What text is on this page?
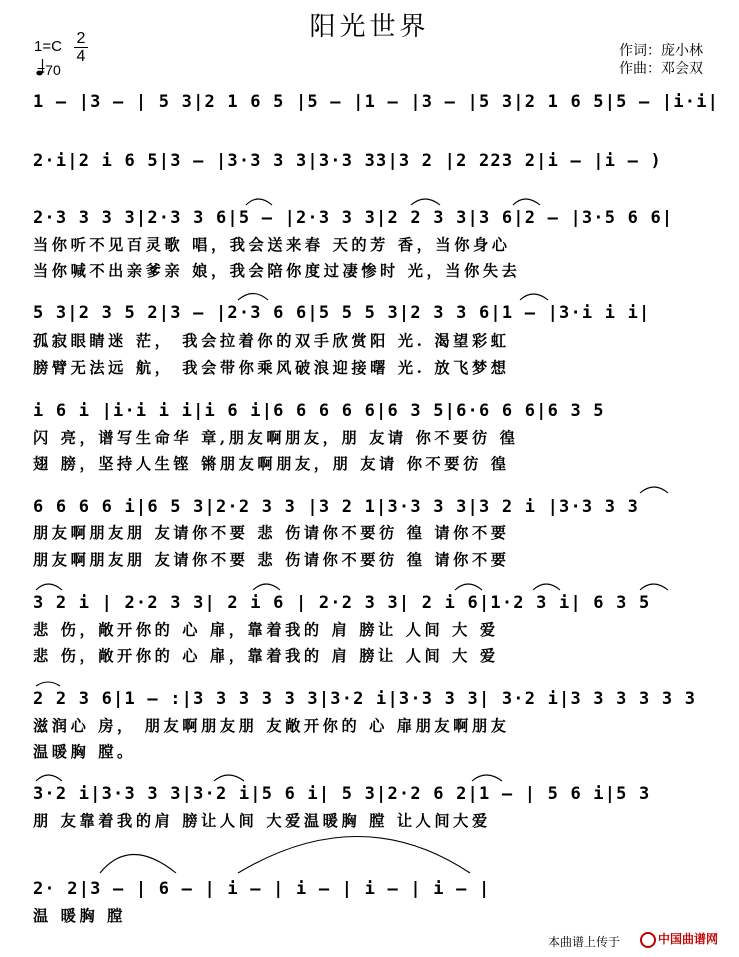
阳光世界
1=C 2
4
=70
作词：庞小林
作曲：邓会双
1 – |3 – | 5 3|2 1 6 5 |5 – |1 – |3 – |5 3|2 1 6 5|5 – |i·i|
2·i|2 i 6 5|3 – |3·3 3 3|3·3 33|3 2 |2 223 2|i – |i – )
2·3 3 3 3|2·3 3 6|5 – |2·3 3 3|2 2 3 3|3 6|2 – |3·5 6 6|
当你听不见百灵歌 唱，我会送来春 天的芳 香，当你身心
当你喊不出亲爹亲 娘，我会陪你度过凄惨时 光，当你失去
5 3|2 3 5 2|3 – |2·3 6 6|5 5 5 3|2 3 3 6|1 – |3·i i i|
孤寂眼睛迷 茫， 我会拉着你的双手欣赏阳 光. 渴望彩虹
膀臂无法远 航， 我会带你乘风破浪迎接曙 光. 放飞梦想
i 6 i |i·i i i|i 6 i|6 6 6 6 6|6 3 5|6·6 6 6|6 3 5
闪 亮，谱写生命华 章,朋友啊朋友，朋 友请 你不要彷 徨
翅 膀，坚持人生铿 锵朋友啊朋友，朋 友请 你不要彷 徨
6 6 6 6 i|6 5 3|2·2 3 3 |3 2 1|3·3 3 3|3 2 i |3·3 3 3
朋友啊朋友朋 友请你不要 悲 伤请你不要彷 徨 请你不要
朋友啊朋友朋 友请你不要 悲 伤请你不要彷 徨 请你不要
3 2 i | 2·2 3 3| 2 i 6 | 2·2 3 3| 2 i 6|1·2 3 i| 6 3 5
悲 伤，敞开你的 心 扉，靠着我的 肩 膀让 人间 大 爱
悲 伤，敞开你的 心 扉，靠着我的 肩 膀让 人间 大 爱
2 2 3 6|1 – :|3 3 3 3 3 3|3·2 i|3·3 3 3| 3·2 i|3 3 3 3 3 3
滋润心 房， 朋友啊朋友朋 友敞开你的 心 扉朋友啊朋友
温暖胸 膛。
3·2 i|3·3 3 3|3·2 i|5 6 i| 5 3|2·2 6 2|1 – | 5 6 i|5 3
朋 友靠着我的肩 膀让人间 大爱温暖胸 膛 让人间大爱
2· 2|3 – | 6 – | i – | i – | i – | i – |
温 暖胸 膛
本曲谱上传于	中国曲谱网
